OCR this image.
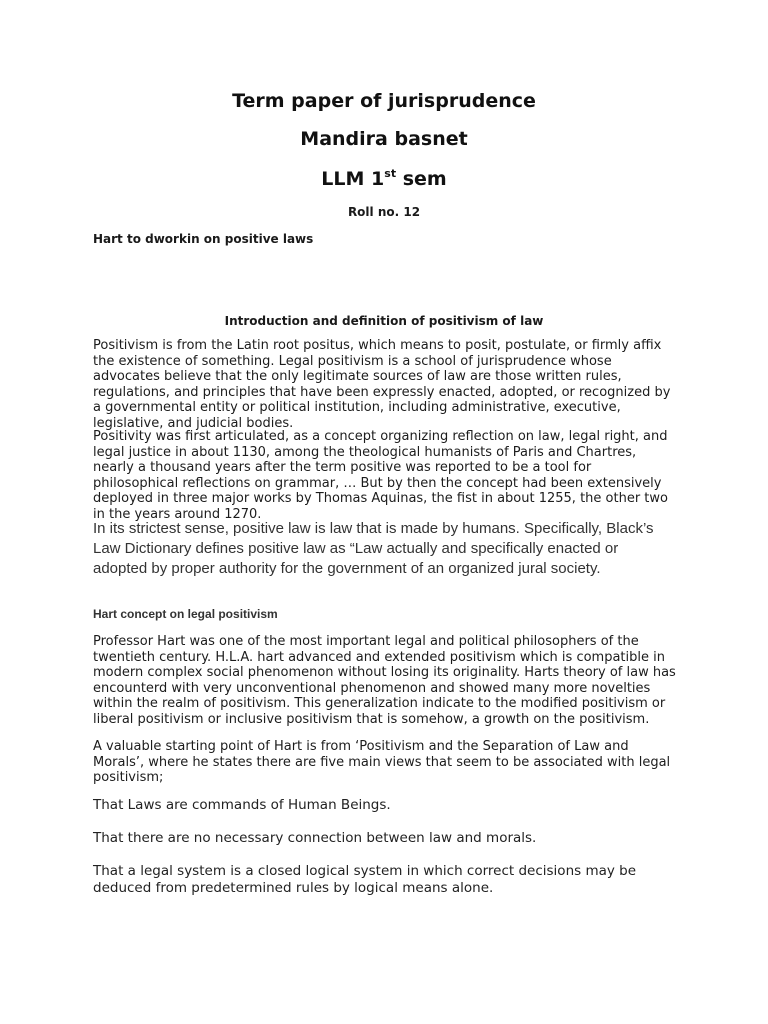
Term paper of jurisprudence

Mandira basnet

LLM 1st sem

Roll no. 12

Hart to dworkin on positive laws

Introduction and definition of positivism of law

Positivism is from the Latin root positus, which means to posit, postulate, or firmly affix the existence of something. Legal positivism is a school of jurisprudence whose advocates believe that the only legitimate sources of law are those written rules, regulations, and principles that have been expressly enacted, adopted, or recognized by a governmental entity or political institution, including administrative, executive, legislative, and judicial bodies.

Positivity was first articulated, as a concept organizing reflection on law, legal right, and legal justice in about 1130, among the theological humanists of Paris and Chartres, nearly a thousand years after the term positive was reported to be a tool for philosophical reflections on grammar, … But by then the concept had been extensively deployed in three major works by Thomas Aquinas, the fist in about 1255, the other two in the years around 1270.

In its strictest sense, positive law is law that is made by humans. Specifically, Black’s Law Dictionary defines positive law as “Law actually and specifically enacted or adopted by proper authority for the government of an organized jural society.

Hart concept on legal positivism

Professor Hart was one of the most important legal and political philosophers of the twentieth century. H.L.A. hart advanced and extended positivism which is compatible in modern complex social phenomenon without losing its originality. Harts theory of law has encounterd with very unconventional phenomenon and showed many more novelties within the realm of positivism. This generalization indicate to the modified positivism or liberal positivism or inclusive positivism that is somehow, a growth on the positivism.

A valuable starting point of Hart is from ‘Positivism and the Separation of Law and Morals’, where he states there are five main views that seem to be associated with legal positivism;

That Laws are commands of Human Beings.

That there are no necessary connection between law and morals.

That a legal system is a closed logical system in which correct decisions may be deduced from predetermined rules by logical means alone.
